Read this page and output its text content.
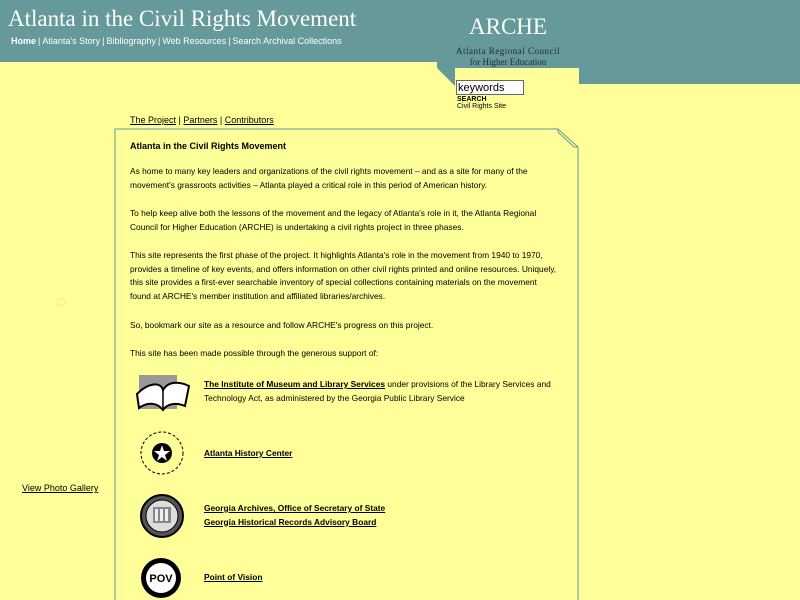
Atlanta in the Civil Rights Movement
Home | Atlanta's Story | Bibliography | Web Resources | Search Archival Collections
ARCHE
Atlanta Regional Council
for Higher Education
keywords
SEARCH
Civil Rights Site
The Project | Partners | Contributors
View Photo Gallery
Atlanta in the Civil Rights Movement

As home to many key leaders and organizations of the civil rights movement – and as a site for many of the movement's grassroots activities – Atlanta played a critical role in this period of American history.

To help keep alive both the lessons of the movement and the legacy of Atlanta's role in it, the Atlanta Regional Council for Higher Education (ARCHE) is undertaking a civil rights project in three phases.

This site represents the first phase of the project. It highlights Atlanta's role in the movement from 1940 to 1970, provides a timeline of key events, and offers information on other civil rights printed and online resources. Uniquely, this site provides a first-ever searchable inventory of special collections containing materials on the movement found at ARCHE's member institution and affiliated libraries/archives.

So, bookmark our site as a resource and follow ARCHE's progress on this project.

This site has been made possible through the generous support of:

The Institute of Museum and Library Services under provisions of the Library Services and Technology Act, as administered by the Georgia Public Library Service
Atlanta History Center
Georgia Archives, Office of Secretary of State
Georgia Historical Records Advisory Board
POV	Point of Vision
